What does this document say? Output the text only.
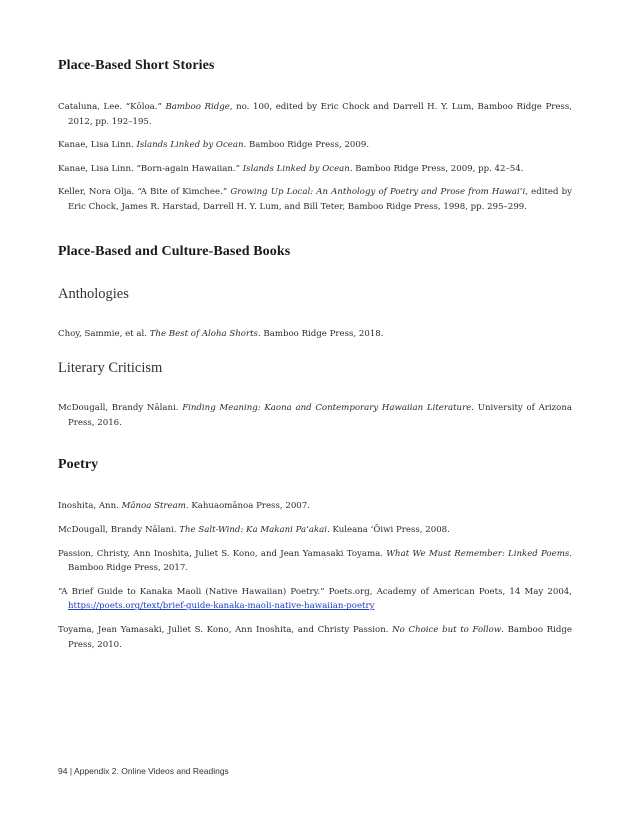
Place-Based Short Stories

Cataluna, Lee. “Kōloa.” Bamboo Ridge, no. 100, edited by Eric Chock and Darrell H. Y. Lum, Bamboo Ridge Press, 2012, pp. 192–195.

Kanae, Lisa Linn. Islands Linked by Ocean. Bamboo Ridge Press, 2009.

Kanae, Lisa Linn. “Born-again Hawaiian.” Islands Linked by Ocean. Bamboo Ridge Press, 2009, pp. 42–54.

Keller, Nora Olja. “A Bite of Kimchee.” Growing Up Local: An Anthology of Poetry and Prose from Hawaiʻi, edited by Eric Chock, James R. Harstad, Darrell H. Y. Lum, and Bill Teter, Bamboo Ridge Press, 1998, pp. 295–299.

Place-Based and Culture-Based Books
Anthologies

Choy, Sammie, et al. The Best of Aloha Shorts. Bamboo Ridge Press, 2018.

Literary Criticism

McDougall, Brandy Nālani. Finding Meaning: Kaona and Contemporary Hawaiian Literature. University of Arizona Press, 2016.

Poetry

Inoshita, Ann. Mānoa Stream. Kahuaomānoa Press, 2007.

McDougall, Brandy Nālani. The Salt-Wind: Ka Makani Paʻakai. Kuleana ʻŌiwi Press, 2008.

Passion, Christy, Ann Inoshita, Juliet S. Kono, and Jean Yamasaki Toyama. What We Must Remember: Linked Poems. Bamboo Ridge Press, 2017.

“A Brief Guide to Kanaka Maoli (Native Hawaiian) Poetry.” Poets.org, Academy of American Poets, 14 May 2004, https://poets.org/text/brief-guide-kanaka-maoli-native-hawaiian-poetry

Toyama, Jean Yamasaki, Juliet S. Kono, Ann Inoshita, and Christy Passion. No Choice but to Follow. Bamboo Ridge Press, 2010.

94 | Appendix 2. Online Videos and Readings
